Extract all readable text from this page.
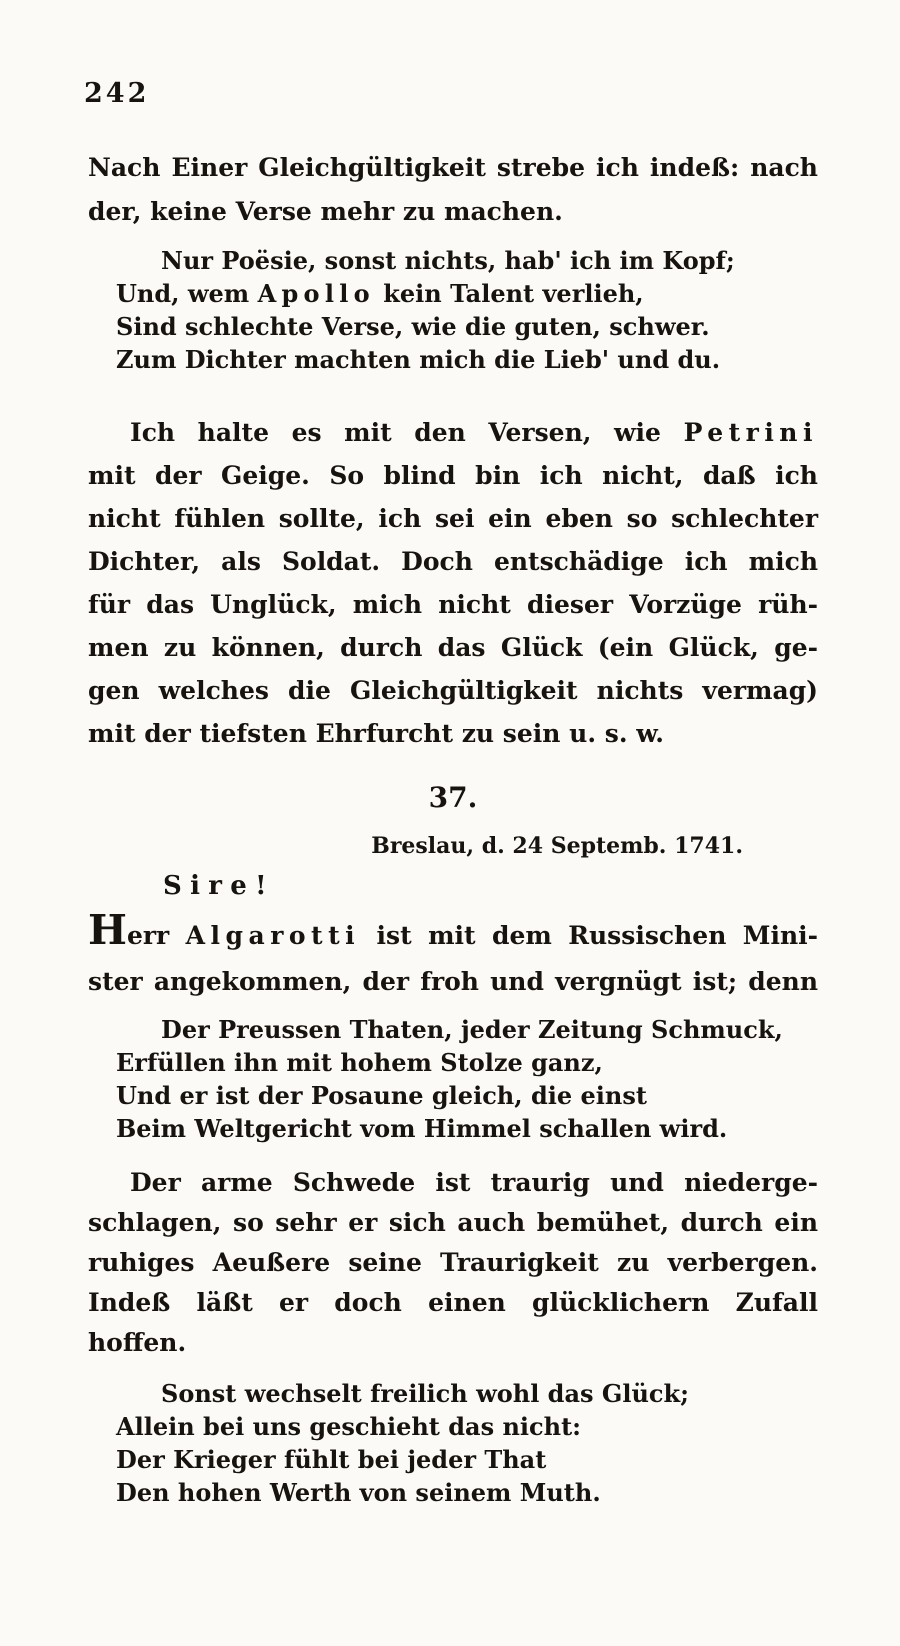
242
Nach Einer Gleichgültigkeit strebe ich indeß: nach
der, keine Verse mehr zu machen.
Nur Poësie, sonst nichts, hab' ich im Kopf;
Und, wem Apollo kein Talent verlieh,
Sind schlechte Verse, wie die guten, schwer.
Zum Dichter machten mich die Lieb' und du.
Ich halte es mit den Versen, wie Petrini
mit der Geige. So blind bin ich nicht, daß ich
nicht fühlen sollte, ich sei ein eben so schlechter
Dichter, als Soldat. Doch entschädige ich mich
für das Unglück, mich nicht dieser Vorzüge rüh-
men zu können, durch das Glück (ein Glück, ge-
gen welches die Gleichgültigkeit nichts vermag)
mit der tiefsten Ehrfurcht zu sein u. s. w.
37.
Breslau, d. 24 Septemb. 1741.
Sire!
Herr Algarotti ist mit dem Russischen Mini-
ster angekommen, der froh und vergnügt ist; denn
Der Preussen Thaten, jeder Zeitung Schmuck,
Erfüllen ihn mit hohem Stolze ganz,
Und er ist der Posaune gleich, die einst
Beim Weltgericht vom Himmel schallen wird.
Der arme Schwede ist traurig und niederge-
schlagen, so sehr er sich auch bemühet, durch ein
ruhiges Aeußere seine Traurigkeit zu verbergen.
Indeß läßt er doch einen glücklichern Zufall hoffen.
Sonst wechselt freilich wohl das Glück;
Allein bei uns geschieht das nicht:
Der Krieger fühlt bei jeder That
Den hohen Werth von seinem Muth.
